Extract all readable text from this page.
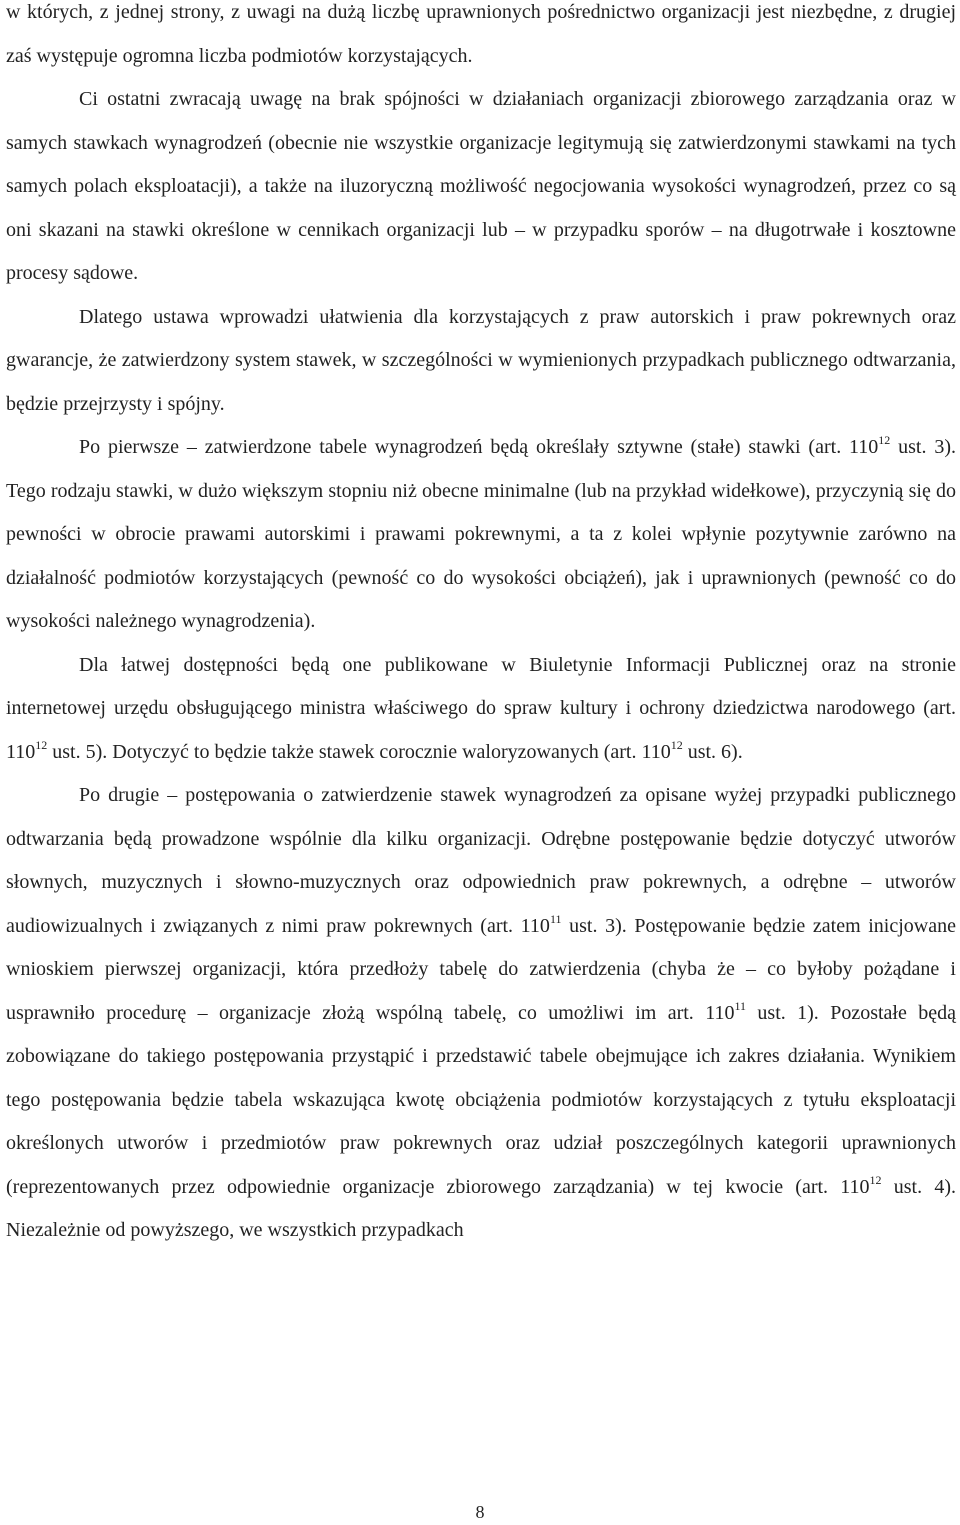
w których, z jednej strony, z uwagi na dużą liczbę uprawnionych pośrednictwo organizacji jest niezbędne, z drugiej zaś występuje ogromna liczba podmiotów korzystających.

Ci ostatni zwracają uwagę na brak spójności w działaniach organizacji zbiorowego zarządzania oraz w samych stawkach wynagrodzeń (obecnie nie wszystkie organizacje legitymują się zatwierdzonymi stawkami na tych samych polach eksploatacji), a także na iluzoryczną możliwość negocjowania wysokości wynagrodzeń, przez co są oni skazani na stawki określone w cennikach organizacji lub – w przypadku sporów – na długotrwałe i kosztowne procesy sądowe.

Dlatego ustawa wprowadzi ułatwienia dla korzystających z praw autorskich i praw pokrewnych oraz gwarancje, że zatwierdzony system stawek, w szczególności w wymienionych przypadkach publicznego odtwarzania, będzie przejrzysty i spójny.

Po pierwsze – zatwierdzone tabele wynagrodzeń będą określały sztywne (stałe) stawki (art. $110^{12}$ ust. 3). Tego rodzaju stawki, w dużo większym stopniu niż obecne minimalne (lub na przykład widełkowe), przyczynią się do pewności w obrocie prawami autorskimi i prawami pokrewnymi, a ta z kolei wpłynie pozytywnie zarówno na działalność podmiotów korzystających (pewność co do wysokości obciążeń), jak i uprawnionych (pewność co do wysokości należnego wynagrodzenia).

Dla łatwej dostępności będą one publikowane w Biuletynie Informacji Publicznej oraz na stronie internetowej urzędu obsługującego ministra właściwego do spraw kultury i ochrony dziedzictwa narodowego (art. $110^{12}$ ust. 5). Dotyczyć to będzie także stawek corocznie waloryzowanych (art. $110^{12}$ ust. 6).

Po drugie – postępowania o zatwierdzenie stawek wynagrodzeń za opisane wyżej przypadki publicznego odtwarzania będą prowadzone wspólnie dla kilku organizacji. Odrębne postępowanie będzie dotyczyć utworów słownych, muzycznych i słowno-muzycznych oraz odpowiednich praw pokrewnych, a odrębne – utworów audiowizualnych i związanych z nimi praw pokrewnych (art. $110^{11}$ ust. 3). Postępowanie będzie zatem inicjowane wnioskiem pierwszej organizacji, która przedłoży tabelę do zatwierdzenia (chyba że – co byłoby pożądane i usprawniło procedurę – organizacje złożą wspólną tabelę, co umożliwi im art. $110^{11}$ ust. 1). Pozostałe będą zobowiązane do takiego postępowania przystąpić i przedstawić tabele obejmujące ich zakres działania. Wynikiem tego postępowania będzie tabela wskazująca kwotę obciążenia podmiotów korzystających z tytułu eksploatacji określonych utworów i przedmiotów praw pokrewnych oraz udział poszczególnych kategorii uprawnionych (reprezentowanych przez odpowiednie organizacje zbiorowego zarządzania) w tej kwocie (art. $110^{12}$ ust. 4). Niezależnie od powyższego, we wszystkich przypadkach

8
